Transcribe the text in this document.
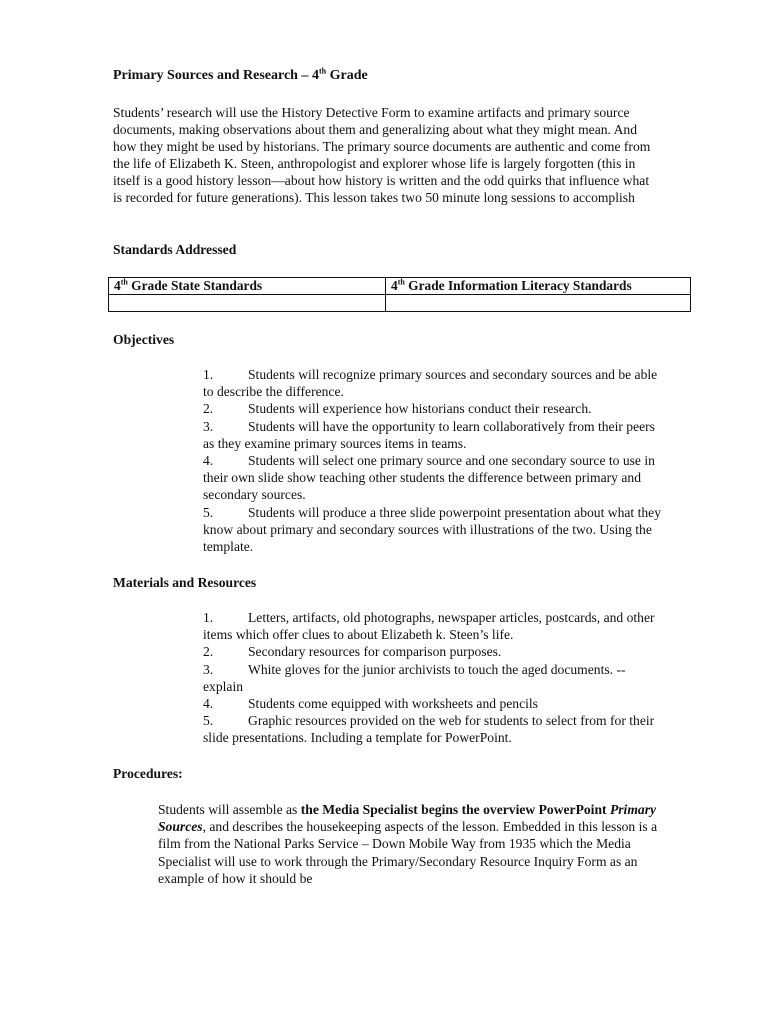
Primary Sources and Research – 4th Grade
Students’ research will use the History Detective Form to examine artifacts and primary source documents, making observations about them and generalizing about what they might mean. And how they might be used by historians. The primary source documents are authentic and come from the life of Elizabeth K. Steen, anthropologist and explorer whose life is largely forgotten (this in itself is a good history lesson—about how history is written and the odd quirks that influence what is recorded for future generations). This lesson takes two 50 minute long sessions to accomplish
Standards Addressed
4th Grade State Standards	4th Grade Information Literacy Standards

Objectives
1.	Students will recognize primary sources and secondary sources and be able to describe the difference.
2.	Students will experience how historians conduct their research.
3.	Students will have the opportunity to learn collaboratively from their peers as they examine primary sources items in teams.
4.	Students will select one primary source and one secondary source to use in their own slide show teaching other students the difference between primary and secondary sources.
5.	Students will produce a three slide powerpoint presentation about what they know about primary and secondary sources with illustrations of the two. Using the template.
Materials and Resources
1.	Letters, artifacts, old photographs, newspaper articles, postcards, and other items which offer clues to about Elizabeth k. Steen’s life.
2.	Secondary resources for comparison purposes.
3.	White gloves for the junior archivists to touch the aged documents. -- explain
4.	Students come equipped with worksheets and pencils
5.	Graphic resources provided on the web for students to select from for their slide presentations. Including a template for PowerPoint.
Procedures:
Students will assemble as the Media Specialist begins the overview PowerPoint Primary Sources, and describes the housekeeping aspects of the lesson. Embedded in this lesson is a film from the National Parks Service – Down Mobile Way from 1935 which the Media Specialist will use to work through the Primary/Secondary Resource Inquiry Form as an example of how it should be
